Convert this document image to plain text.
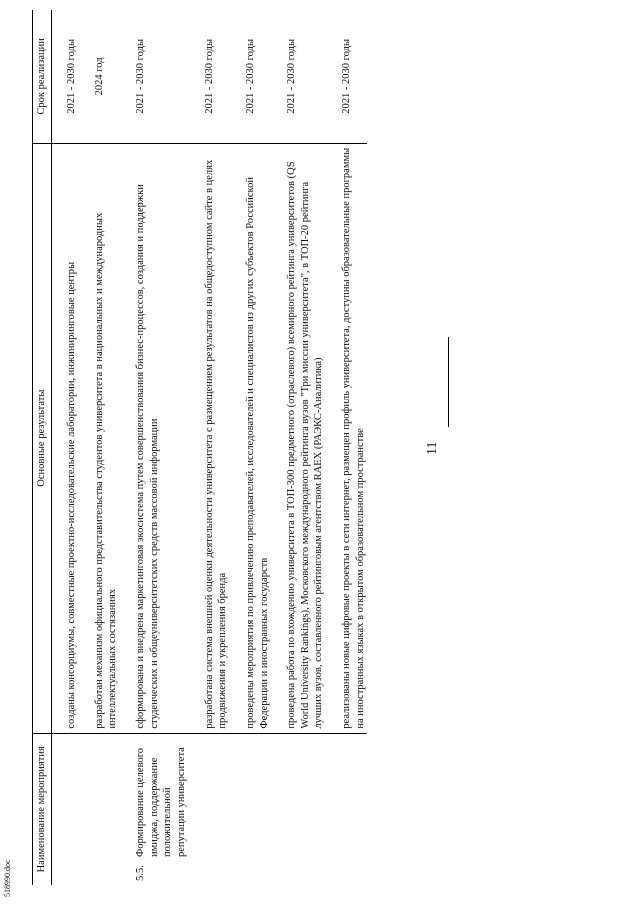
518990.doc
11
Наименование мероприятия	Основные результаты	Срок реализации

	созданы консорциумы, совместные проектно-исследовательские лаборатории, инжиниринговые центры	2021 - 2030 годы

	разработан механизм официального представительства студентов университета в национальных и международных интеллектуальных состязаниях	2024 год

5.5.Формирование целевого имиджа, поддержание положительной репутации университета	сформирована и внедрена маркетинговая экосистема путем совершенствования бизнес-процессов, создания и поддержки студенческих и общеуниверситетских средств массовой информации	2021 - 2030 годы

	разработана система внешней оценки деятельности университета с размещением результатов на общедоступном сайте в целях продвижения и укрепления бренда	2021 - 2030 годы

	проведены мероприятия по привлечению преподавателей, исследователей и специалистов из других субъектов Российской Федерации и иностранных государств	2021 - 2030 годы

	проведена работа по вхождению университета в ТОП-300 предметного (отраслевого) всемирного рейтинга университетов (QS World University Rankings), Московского международного рейтинга вузов "Три миссии университета", в ТОП-20 рейтинга лучших вузов, составленного рейтинговым агентством RAEX (РАЭКС-Аналитика)	2021 - 2030 годы

	реализованы новые цифровые проекты в сети интернет, размещен профиль университета, доступны образовательные программы на иностранных языках в открытом образовательном пространстве	2021 - 2030 годы
